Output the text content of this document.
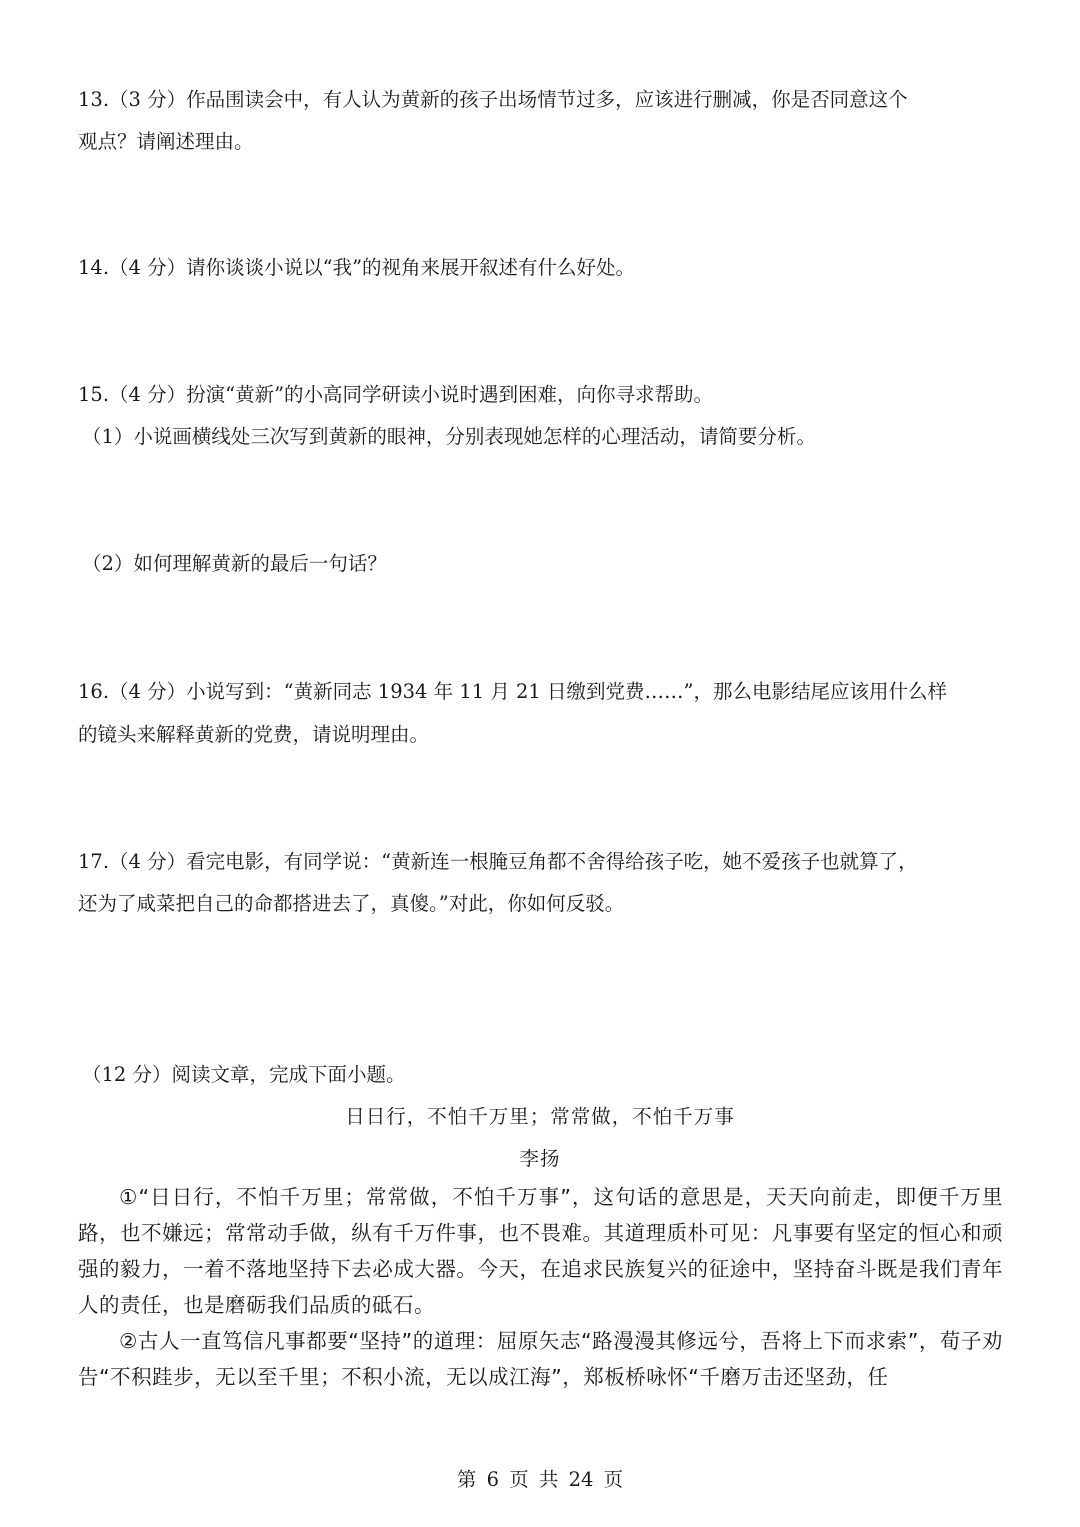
13.（3 分）作品围读会中，有人认为黄新的孩子出场情节过多，应该进行删减，你是否同意这个
观点？请阐述理由。
14.（4 分）请你谈谈小说以“我”的视角来展开叙述有什么好处。
15.（4 分）扮演“黄新”的小高同学研读小说时遇到困难，向你寻求帮助。
（1）小说画横线处三次写到黄新的眼神，分别表现她怎样的心理活动，请简要分析。
（2）如何理解黄新的最后一句话？
16.（4 分）小说写到：“黄新同志 1934 年 11 月 21 日缴到党费……”，那么电影结尾应该用什么样
的镜头来解释黄新的党费，请说明理由。
17.（4 分）看完电影，有同学说：“黄新连一根腌豆角都不舍得给孩子吃，她不爱孩子也就算了，
还为了咸菜把自己的命都搭进去了，真傻。”对此，你如何反驳。
（12 分）阅读文章，完成下面小题。
日日行，不怕千万里；常常做，不怕千万事
李扬
①“日日行，不怕千万里；常常做，不怕千万事”，这句话的意思是，天天向前走，即便千万里路，也不嫌远；常常动手做，纵有千万件事，也不畏难。其道理质朴可见：凡事要有坚定的恒心和顽强的毅力，一着不落地坚持下去必成大器。今天，在追求民族复兴的征途中，坚持奋斗既是我们青年人的责任，也是磨砺我们品质的砥石。
②古人一直笃信凡事都要“坚持”的道理：屈原矢志“路漫漫其修远兮，吾将上下而求索”，荀子劝告“不积跬步，无以至千里；不积小流，无以成江海”，郑板桥咏怀“千磨万击还坚劲，任
第 6 页 共 24 页
